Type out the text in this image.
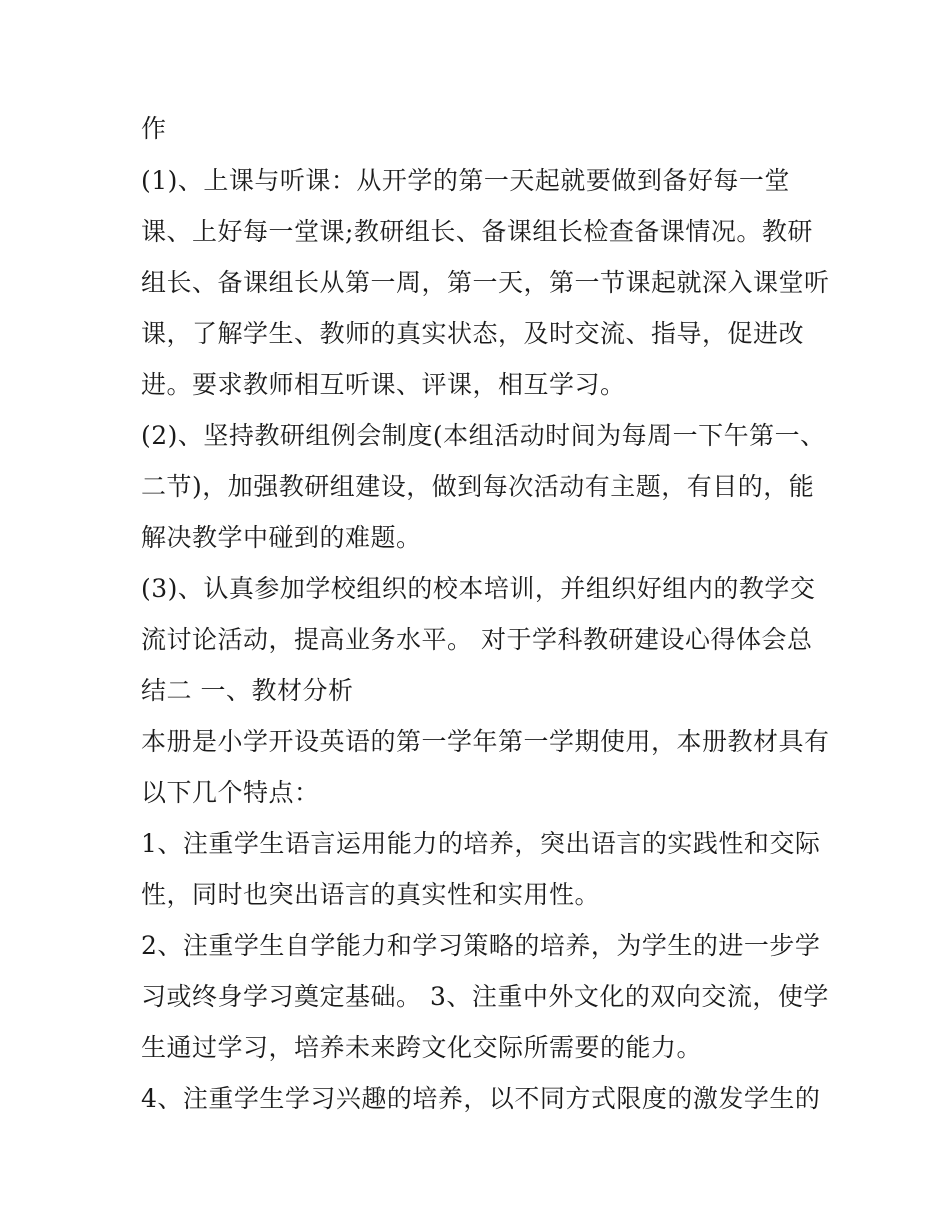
作
(1)、上课与听课：从开学的第一天起就要做到备好每一堂
课、上好每一堂课;教研组长、备课组长检查备课情况。教研
组长、备课组长从第一周，第一天，第一节课起就深入课堂听
课，了解学生、教师的真实状态，及时交流、指导，促进改
进。要求教师相互听课、评课，相互学习。
(2)、坚持教研组例会制度(本组活动时间为每周一下午第一、
二节)，加强教研组建设，做到每次活动有主题，有目的，能
解决教学中碰到的难题。
(3)、认真参加学校组织的校本培训，并组织好组内的教学交
流讨论活动，提高业务水平。 对于学科教研建设心得体会总
结二 一、教材分析
本册是小学开设英语的第一学年第一学期使用，本册教材具有
以下几个特点：
1、注重学生语言运用能力的培养，突出语言的实践性和交际
性，同时也突出语言的真实性和实用性。
2、注重学生自学能力和学习策略的培养，为学生的进一步学
习或终身学习奠定基础。 3、注重中外文化的双向交流，使学
生通过学习，培养未来跨文化交际所需要的能力。
4、注重学生学习兴趣的培养，以不同方式限度的激发学生的
